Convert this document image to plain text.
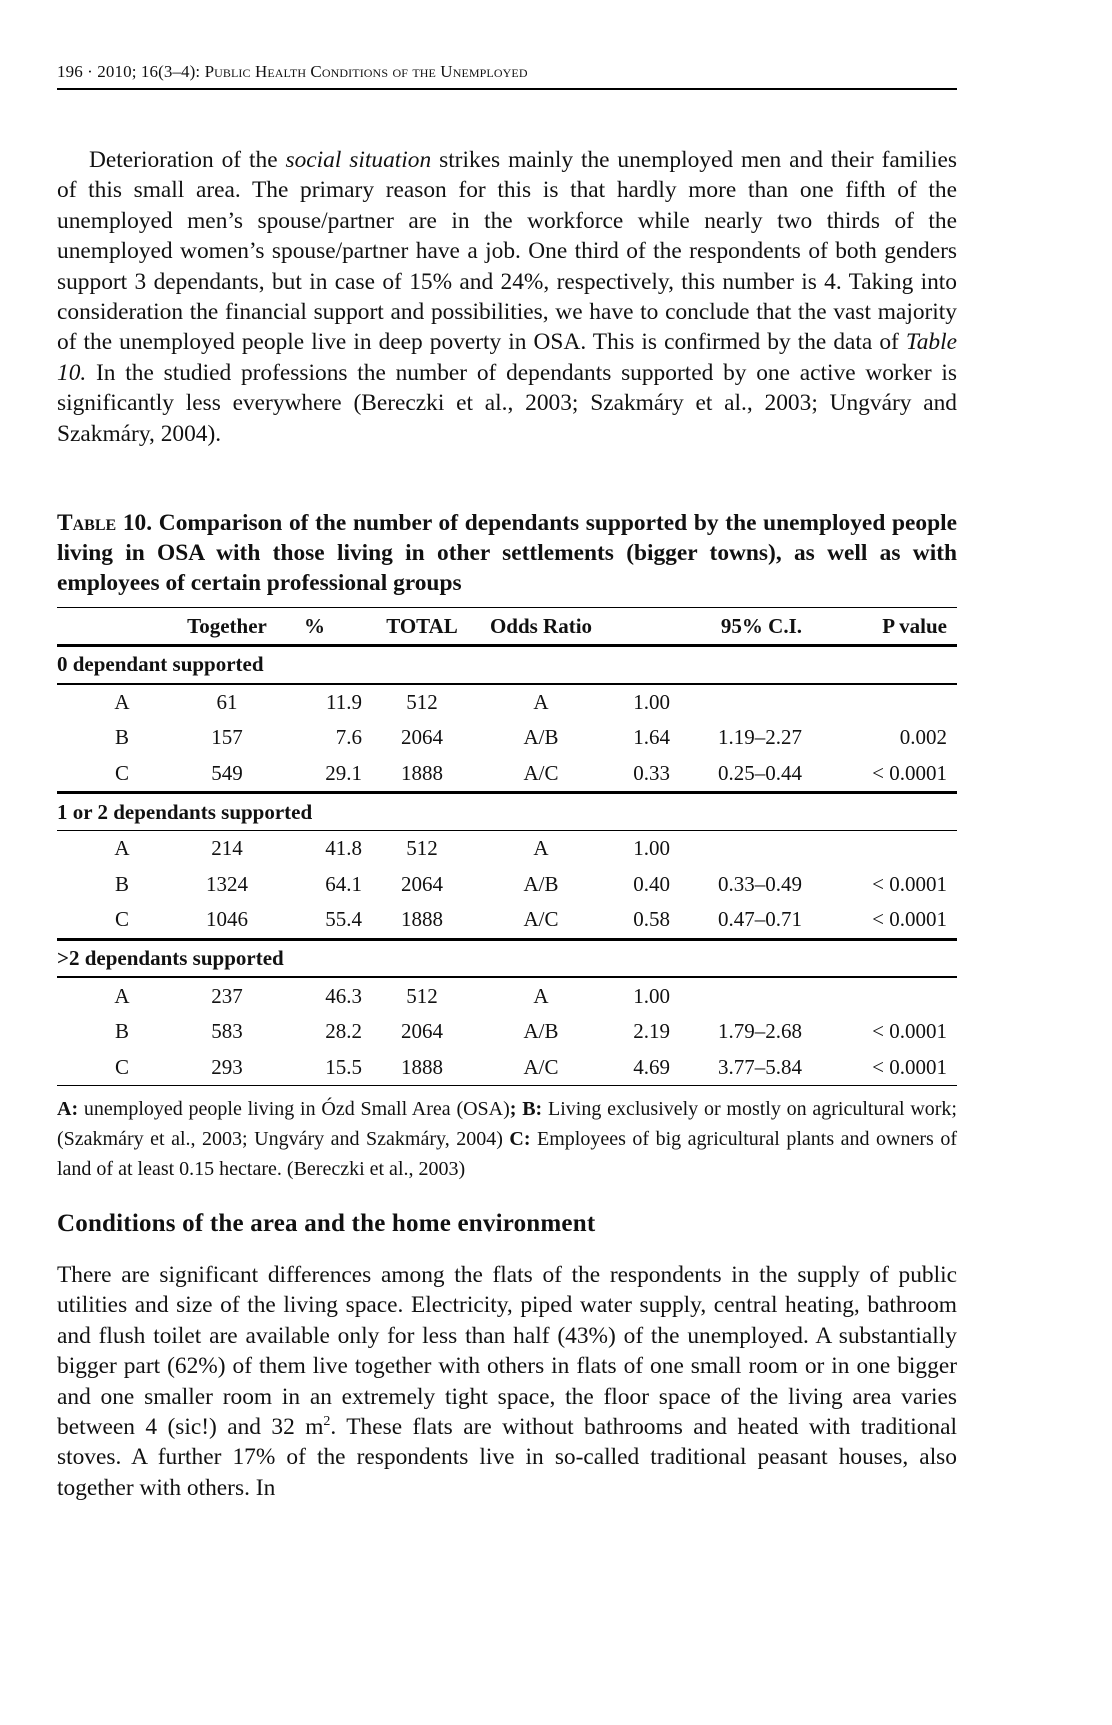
196 · 2010; 16(3–4): Public Health Conditions of the Unemployed

Deterioration of the social situation strikes mainly the unemployed men and their families of this small area. The primary reason for this is that hardly more than one fifth of the unemployed men’s spouse/partner are in the workforce while nearly two thirds of the unemployed women’s spouse/partner have a job. One third of the respondents of both genders support 3 dependants, but in case of 15% and 24%, respectively, this number is 4. Taking into consideration the financial support and possibilities, we have to conclude that the vast majority of the unemployed people live in deep poverty in OSA. This is confirmed by the data of Table 10. In the studied professions the number of dependants supported by one active worker is significantly less everywhere (Bereczki et al., 2003; Szakmáry et al., 2003; Ungváry and Szakmáry, 2004).

Table 10. Comparison of the number of dependants supported by the unemployed people living in OSA with those living in other settlements (bigger towns), as well as with employees of certain professional groups
	Together	%	TOTAL	Odds Ratio		95% C.I.	P value
0 dependant supported							
A	61	11.9	512	A	1.00		
B	157	7.6	2064	A/B	1.64	1.19–2.27	0.002
C	549	29.1	1888	A/C	0.33	0.25–0.44	< 0.0001
1 or 2 dependants supported							
A	214	41.8	512	A	1.00		
B	1324	64.1	2064	A/B	0.40	0.33–0.49	< 0.0001
C	1046	55.4	1888	A/C	0.58	0.47–0.71	< 0.0001
>2 dependants supported							
A	237	46.3	512	A	1.00		
B	583	28.2	2064	A/B	2.19	1.79–2.68	< 0.0001
C	293	15.5	1888	A/C	4.69	3.77–5.84	< 0.0001
A: unemployed people living in Ózd Small Area (OSA); B: Living exclusively or mostly on agricultural work; (Szakmáry et al., 2003; Ungváry and Szakmáry, 2004) C: Employees of big agricultural plants and owners of land of at least 0.15 hectare. (Bereczki et al., 2003)
Conditions of the area and the home environment

There are significant differences among the flats of the respondents in the supply of public utilities and size of the living space. Electricity, piped water supply, central heating, bathroom and flush toilet are available only for less than half (43%) of the unemployed. A substantially bigger part (62%) of them live together with others in flats of one small room or in one bigger and one smaller room in an extremely tight space, the floor space of the living area varies between 4 (sic!) and 32 $m^2$. These flats are without bathrooms and heated with traditional stoves. A further 17% of the respondents live in so-called traditional peasant houses, also together with others. In
